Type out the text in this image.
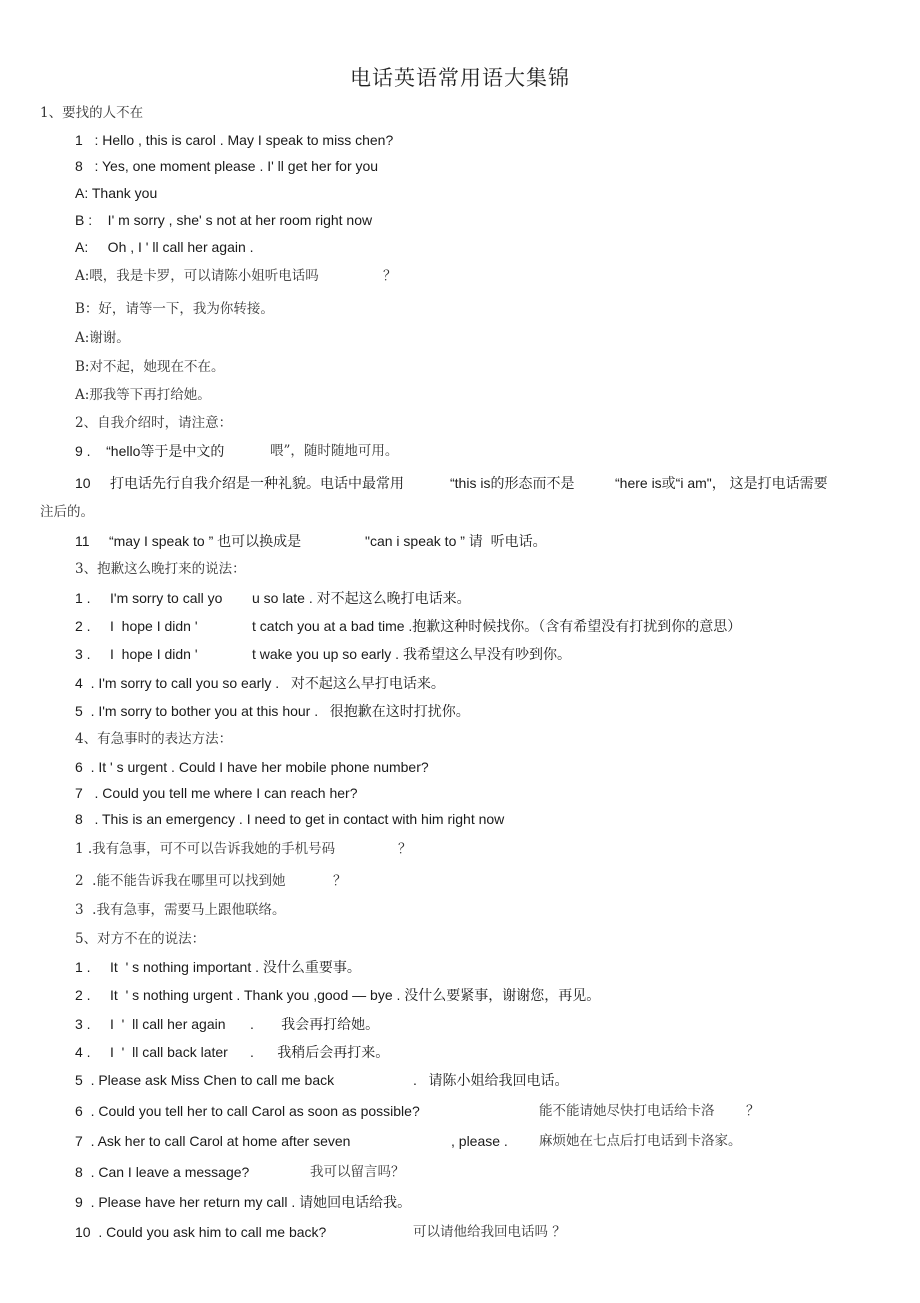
电话英语常用语大集锦
1、要找的人不在
1   : Hello , this is carol . May I speak to miss chen?
8   : Yes, one moment please . I' ll get her for you
A: Thank you
B :    I' m sorry , she' s not at her room right now
A:     Oh , I ' ll call her again .
A:喂，我是卡罗，可以请陈小姐听电话吗	？
B：好，请等一下，我为你转接。
A:谢谢。
B:对不起，她现在不在。
A:那我等下再打给她。
2、自我介绍时，请注意：
9 .    “hello等于是中文的	喂”，随时随地可用。
10     打电话先行自我介绍是一种礼貌。电话中最常用	“this is的形态而不是	“here is或“i am"， 这是打电话需要
注后的。
11     “may I speak to ” 也可以换成是	"can i speak to ” 请  听电话。
3、抱歉这么晚打来的说法：
1 .     I'm sorry to call yo u so late . 对不起这么晚打电话来。
2 .     I  hope I didn '	t catch you at a bad time .抱歉这种时候找你。（含有希望没有打扰到你的意思）
3 .     I  hope I didn '	t wake you up so early . 我希望这么早没有吵到你。
4  . I'm sorry to call you so early .   对不起这么早打电话来。
5  . I'm sorry to bother you at this hour .   很抱歉在这时打扰你。
4、有急事时的表达方法：
6  . It ' s urgent . Could I have her mobile phone number?
7   . Could you tell me where I can reach her?
8   . This is an emergency . I need to get in contact with him right now
1 .我有急事，可不可以告诉我她的手机号码	？
2  .能不能告诉我在哪里可以找到她	？
3  .我有急事，需要马上跟他联络。
5、对方不在的说法：
1 .     It  ' s nothing important . 没什么重要事。
2 .     It  ' s nothing urgent . Thank you ,good — bye . 没什么要紧事，谢谢您，再见。
3 .     I  '  ll call her again .       我会再打给她。
4 .     I  '  ll call back later .      我稍后会再打来。
5  . Please ask Miss Chen to call me back	.   请陈小姐给我回电话。
6  . Could you tell her to call Carol as soon as possible?	能不能请她尽快打电话给卡洛 ？
7  . Ask her to call Carol at home after seven	, please . 麻烦她在七点后打电话到卡洛家。
8  . Can I leave a message?	我可以留言吗？
9  . Please have her return my call . 请她回电话给我。
10  . Could you ask him to call me back?	可以请他给我回电话吗 ？
